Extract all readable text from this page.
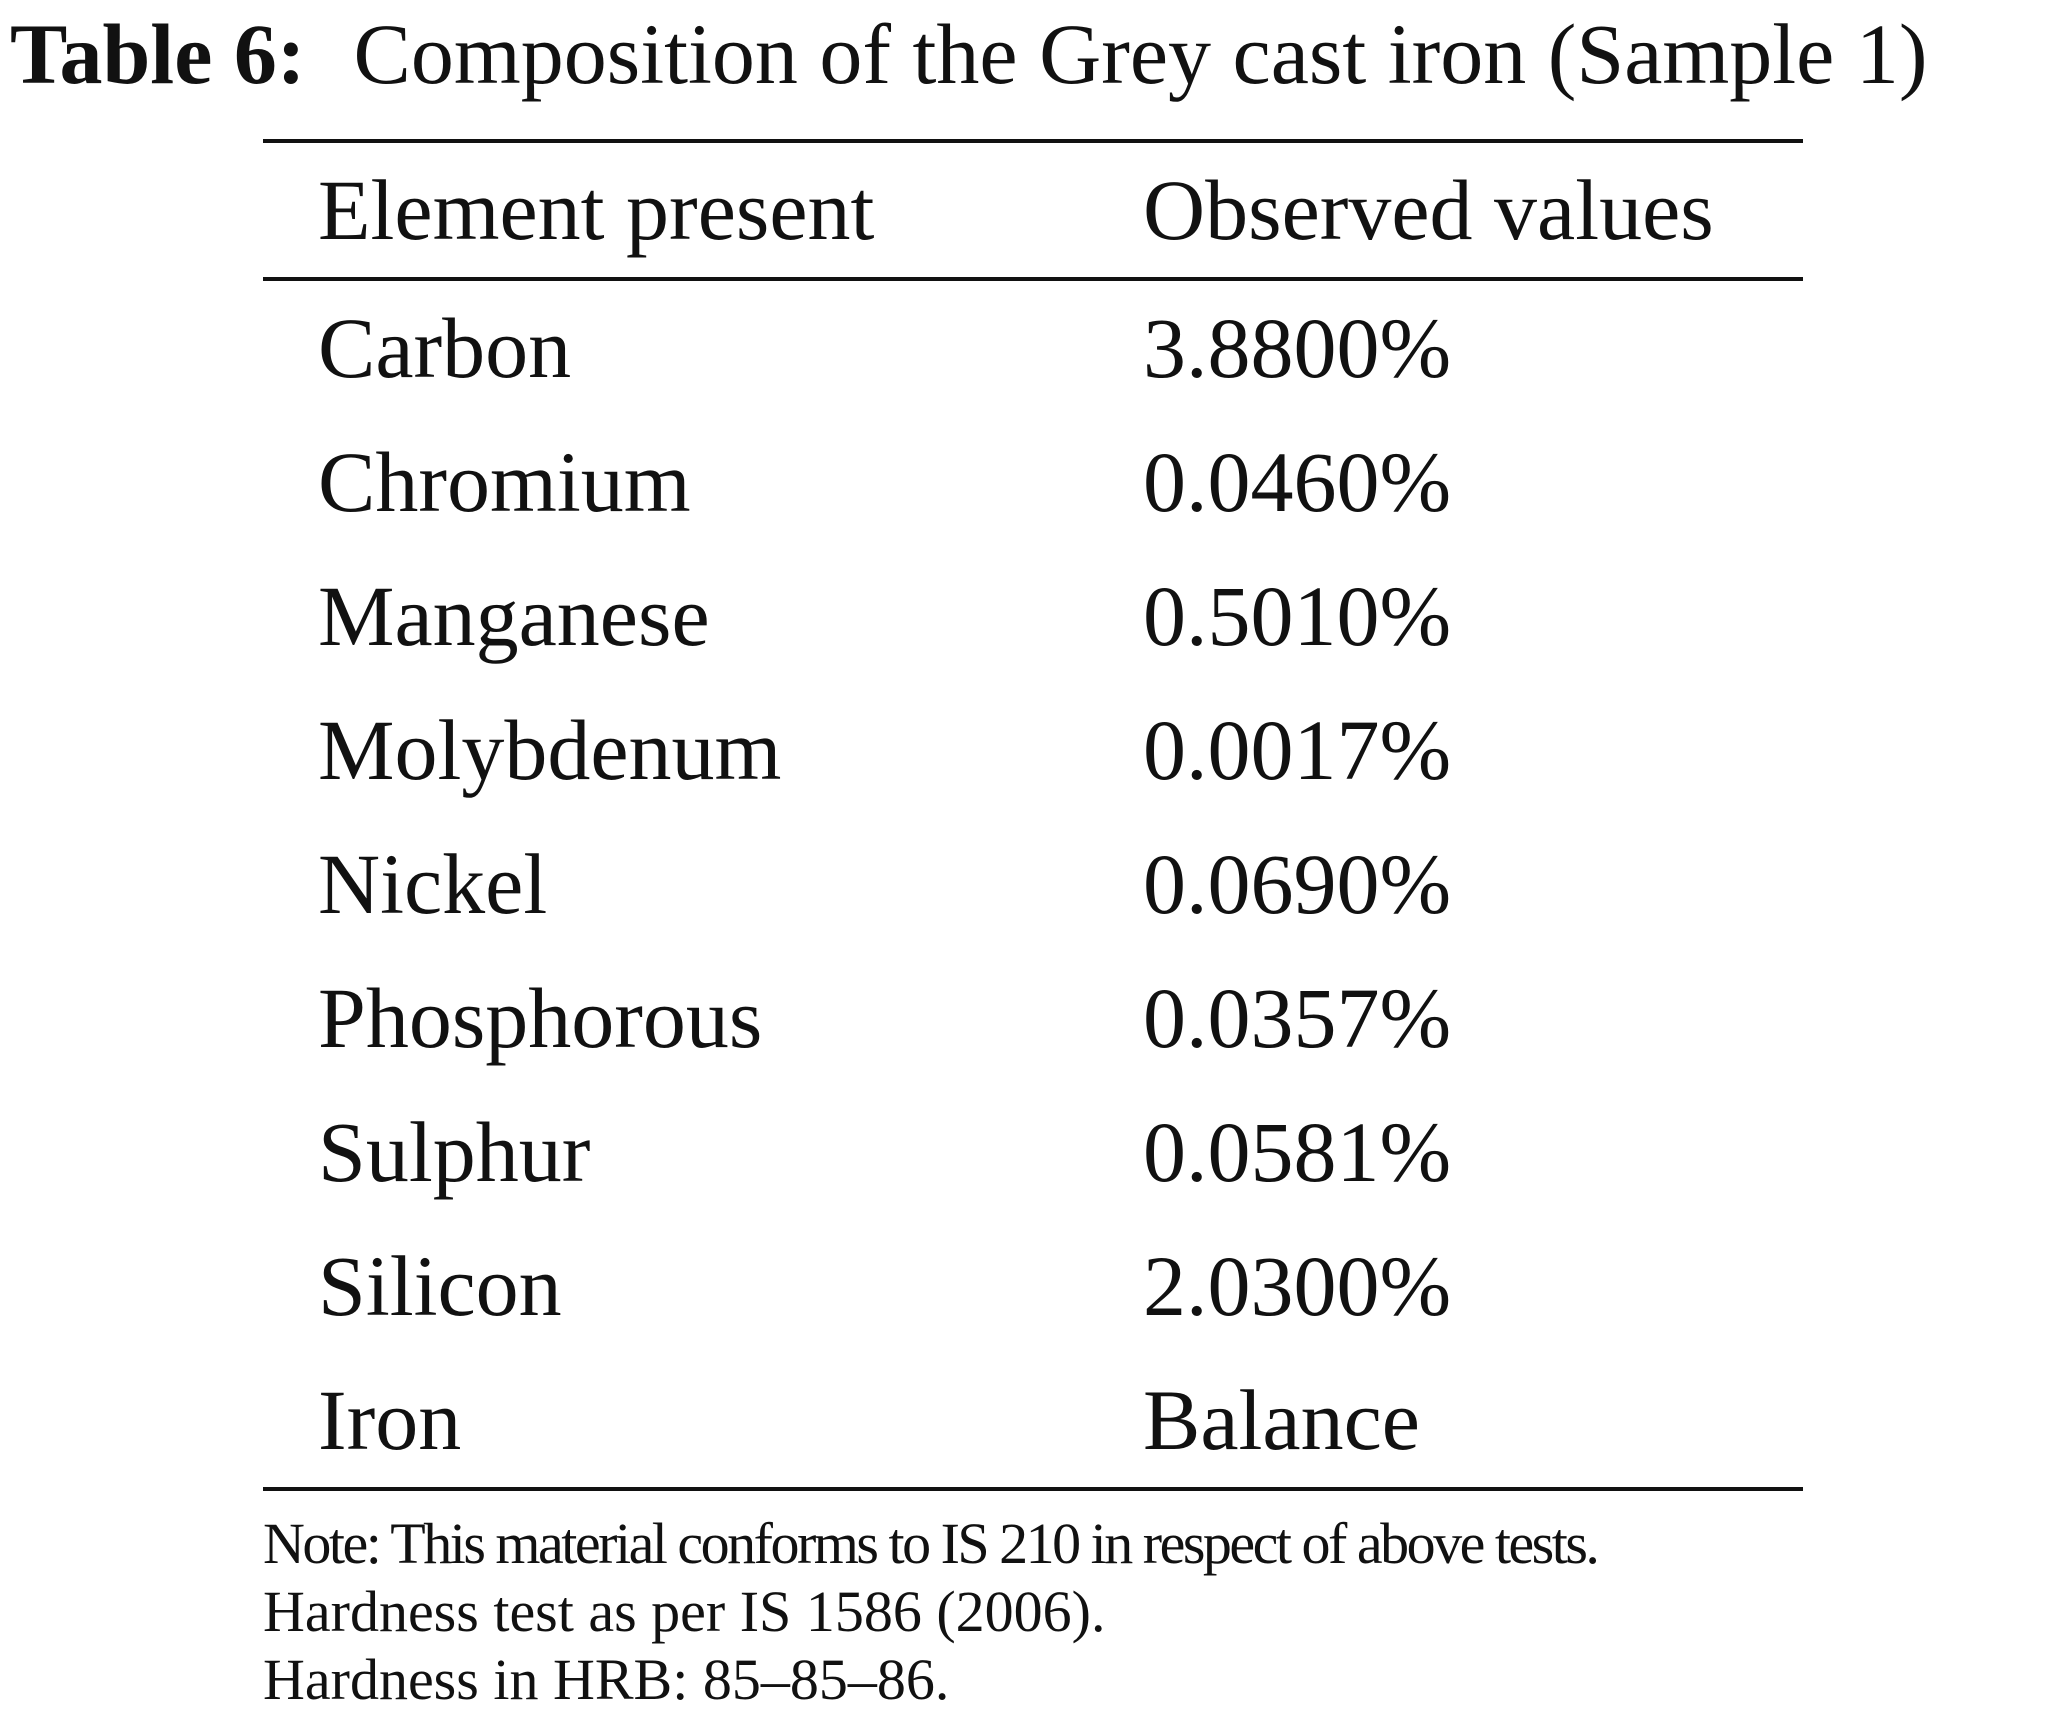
Table 6: Composition of the Grey cast iron (Sample 1)
Element present	Observed values
Carbon	3.8800%
Chromium	0.0460%
Manganese	0.5010%
Molybdenum	0.0017%
Nickel	0.0690%
Phosphorous	0.0357%
Sulphur	0.0581%
Silicon	2.0300%
Iron	Balance
Note: This material conforms to IS 210 in respect of above tests.
Hardness test as per IS 1586 (2006).
Hardness in HRB: 85–85–86.
